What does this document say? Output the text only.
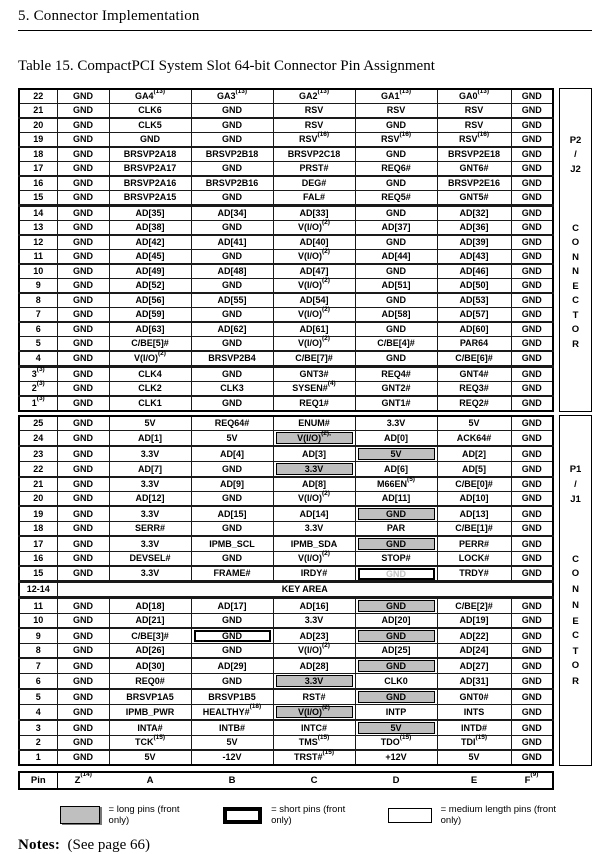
5. Connector Implementation
Table 15. CompactPCI System Slot 64-bit Connector Pin Assignment
22	GND	GA4$^{(13)}$	GA3$^{(13)}$	GA2$^{(13)}$	GA1$^{(13)}$	GA0$^{(13)}$	GND
21	GND	CLK6	GND	RSV	RSV	RSV	GND
20	GND	CLK5	GND	RSV	GND	RSV	GND
19	GND	GND	GND	RSV$^{(16)}$	RSV$^{(16)}$	RSV$^{(16)}$	GND
18	GND	BRSVP2A18	BRSVP2B18	BRSVP2C18	GND	BRSVP2E18	GND
17	GND	BRSVP2A17	GND	PRST#	REQ6#	GNT6#	GND
16	GND	BRSVP2A16	BRSVP2B16	DEG#	GND	BRSVP2E16	GND
15	GND	BRSVP2A15	GND	FAL#	REQ5#	GNT5#	GND
14	GND	AD[35]	AD[34]	AD[33]	GND	AD[32]	GND
13	GND	AD[38]	GND	$V(I/O)^{(2)}$	AD[37]	AD[36]	GND
12	GND	AD[42]	AD[41]	AD[40]	GND	AD[39]	GND
11	GND	AD[45]	GND	$V(I/O)^{(2)}$	AD[44]	AD[43]	GND
10	GND	AD[49]	AD[48]	AD[47]	GND	AD[46]	GND
9	GND	AD[52]	GND	$V(I/O)^{(2)}$	AD[51]	AD[50]	GND
8	GND	AD[56]	AD[55]	AD[54]	GND	AD[53]	GND
7	GND	AD[59]	GND	$V(I/O)^{(2)}$	AD[58]	AD[57]	GND
6	GND	AD[63]	AD[62]	AD[61]	GND	AD[60]	GND
5	GND	C/BE[5]#	GND	$V(I/O)^{(2)}$	C/BE[4]#	PAR64	GND
4	GND	$V(I/O)^{(2)}$	BRSVP2B4	C/BE[7]#	GND	C/BE[6]#	GND
3$^{(3)}$	GND	CLK4	GND	GNT3#	REQ4#	GNT4#	GND
2$^{(3)}$	GND	CLK2	CLK3	SYSEN#$^{(4)}$	GNT2#	REQ3#	GND
1$^{(3)}$	GND	CLK1	GND	REQ1#	GNT1#	REQ2#	GND
P2
/
J2
C
O
N
N
E
C
T
O
R
25	GND	5V	REQ64#	ENUM#	3.3V	5V	GND
24	GND	AD[1]	5V	$V(I/O)^{(2),}$	AD[0]	ACK64#	GND
23	GND	3.3V	AD[4]	AD[3]	5V	AD[2]	GND
22	GND	AD[7]	GND	3.3V	AD[6]	AD[5]	GND
21	GND	3.3V	AD[9]	AD[8]	M66EN$^{(5)}$	C/BE[0]#	GND
20	GND	AD[12]	GND	$V(I/O)^{(2)}$	AD[11]	AD[10]	GND
19	GND	3.3V	AD[15]	AD[14]	GND	AD[13]	GND
18	GND	SERR#	GND	3.3V	PAR	C/BE[1]#	GND
17	GND	3.3V	IPMB_SCL	IPMB_SDA	GND	PERR#	GND
16	GND	DEVSEL#	GND	$V(I/O)^{(2)}$	STOP#	LOCK#	GND
15	GND	3.3V	FRAME#	IRDY#	GND	TRDY#	GND
12-14	KEY AREA						
11	GND	AD[18]	AD[17]	AD[16]	GND	C/BE[2]#	GND
10	GND	AD[21]	GND	3.3V	AD[20]	AD[19]	GND
9	GND	C/BE[3]#	GND	AD[23]	GND	AD[22]	GND
8	GND	AD[26]	GND	$V(I/O)^{(2)}$	AD[25]	AD[24]	GND
7	GND	AD[30]	AD[29]	AD[28]	GND	AD[27]	GND
6	GND	REQ0#	GND	3.3V	CLK0	AD[31]	GND
5	GND	BRSVP1A5	BRSVP1B5	RST#	GND	GNT0#	GND
4	GND	IPMB_PWR	HEALTHY#$^{(18)}$	$V(I/O)^{(2)}$	INTP	INTS	GND
3	GND	INTA#	INTB#	INTC#	5V	INTD#	GND
2	GND	TCK$^{(15)}$	5V	TMS$^{(15)}$	TDO$^{(15)}$	TDI$^{(15)}$	GND
1	GND	5V	-12V	TRST#$^{(15)}$	+12V	5V	GND
P1
/
J1
C
O
N
N
E
C
T
O
R
Pin	$Z^{(14)}$	A	B	C	D	E	$F^{(9)}$
= long pins (front only)
= short pins (front only)
= medium length pins (front only)
Notes: (See page 66)
